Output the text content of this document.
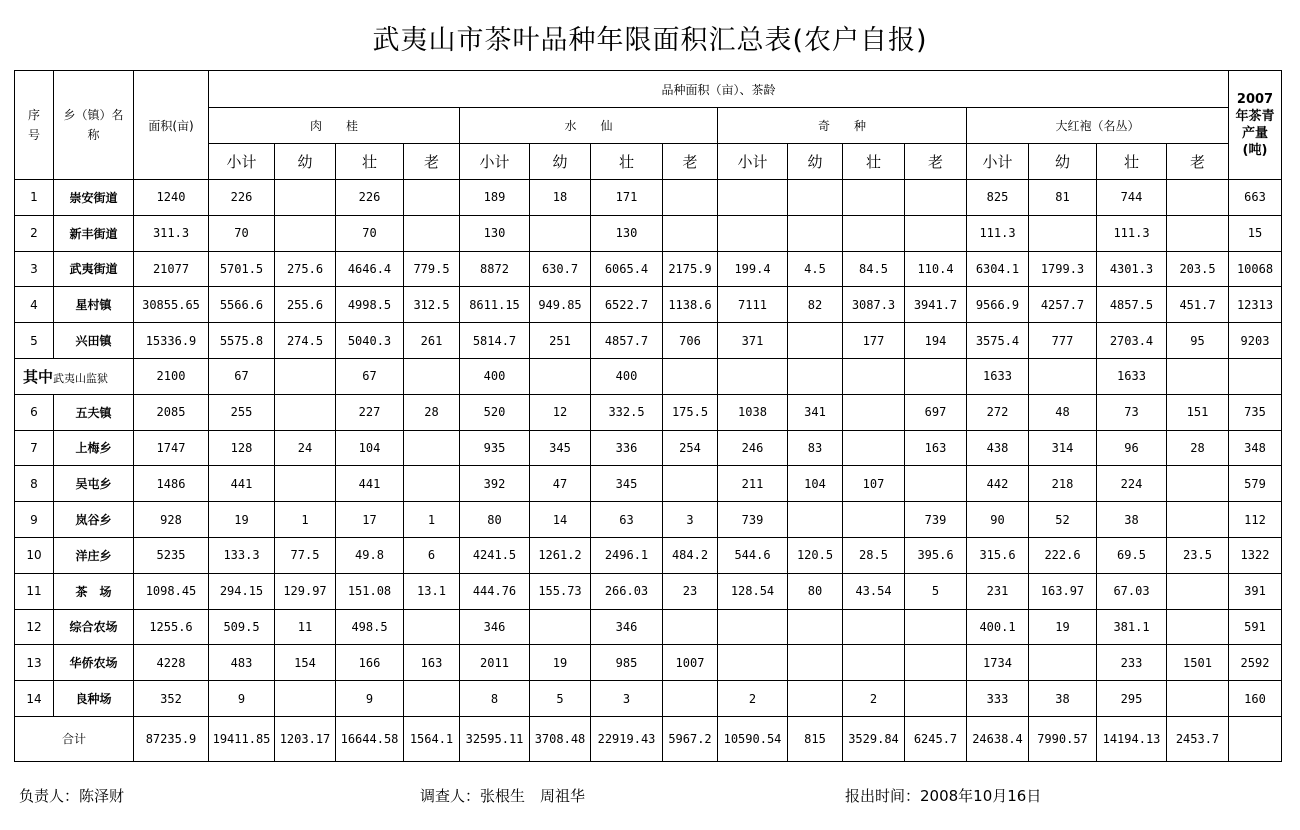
武夷山市茶叶品种年限面积汇总表(农户自报)
序号	乡（镇）名称	面积(亩)	品种面积（亩）、茶龄																2007年茶青产量(吨)
			肉　　桂				水　　仙				奇　　种				大红袍（名丛）				
			小计	幼	壮	老	小计	幼	壮	老	小计	幼	壮	老	小计	幼	壮	老	
1	崇安街道	1240	226		226		189	18	171						825	81	744		663
2	新丰街道	311.3	70		70		130		130						111.3		111.3		15
3	武夷街道	21077	5701.5	275.6	4646.4	779.5	8872	630.7	6065.4	2175.9	199.4	4.5	84.5	110.4	6304.1	1799.3	4301.3	203.5	10068
4	星村镇	30855.65	5566.6	255.6	4998.5	312.5	8611.15	949.85	6522.7	1138.6	7111	82	3087.3	3941.7	9566.9	4257.7	4857.5	451.7	12313
5	兴田镇	15336.9	5575.8	274.5	5040.3	261	5814.7	251	4857.7	706	371		177	194	3575.4	777	2703.4	95	9203
其中武夷山监狱		2100	67		67		400		400						1633		1633		
6	五夫镇	2085	255		227	28	520	12	332.5	175.5	1038	341		697	272	48	73	151	735
7	上梅乡	1747	128	24	104		935	345	336	254	246	83		163	438	314	96	28	348
8	吴屯乡	1486	441		441		392	47	345		211	104	107		442	218	224		579
9	岚谷乡	928	19	1	17	1	80	14	63	3	739			739	90	52	38		112
10	洋庄乡	5235	133.3	77.5	49.8	6	4241.5	1261.2	2496.1	484.2	544.6	120.5	28.5	395.6	315.6	222.6	69.5	23.5	1322
11	茶　场	1098.45	294.15	129.97	151.08	13.1	444.76	155.73	266.03	23	128.54	80	43.54	5	231	163.97	67.03		391
12	综合农场	1255.6	509.5	11	498.5		346		346						400.1	19	381.1		591
13	华侨农场	4228	483	154	166	163	2011	19	985	1007					1734		233	1501	2592
14	良种场	352	9		9		8	5	3		2		2		333	38	295		160
合计		87235.9	19411.85	1203.17	16644.58	1564.1	32595.11	3708.48	22919.43	5967.2	10590.54	815	3529.84	6245.7	24638.4	7990.57	14194.13	2453.7	
负责人：陈泽财	调查人：张根生　周祖华	报出时间：2008年10月16日
